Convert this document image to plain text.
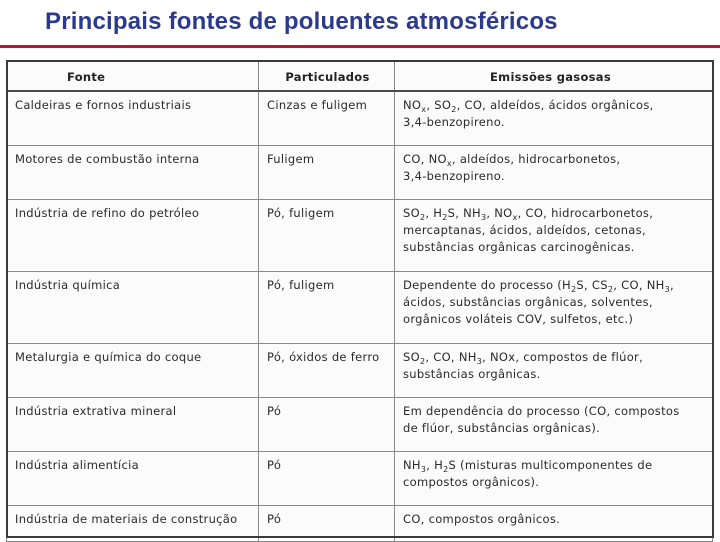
Principais fontes de poluentes atmosféricos
Fonte	Particulados	Emissões gasosas
Caldeiras e fornos industriais	Cinzas e fuligem	$NO_x$, $SO_2$, CO, aldeídos, ácidos orgânicos,
3,4-benzopireno.
Motores de combustão interna	Fuligem	CO, $NO_x$, aldeídos, hidrocarbonetos,
3,4-benzopireno.
Indústria de refino do petróleo	Pó, fuligem	$SO_2$, $H_2S$, $NH_3$, $NO_x$, CO, hidrocarbonetos,
mercaptanas, ácidos, aldeídos, cetonas,
substâncias orgânicas carcinogênicas.
Indústria química	Pó, fuligem	Dependente do processo ($H_2S$, $CS_2$, CO, $NH_3$,
ácidos, substâncias orgânicas, solventes,
orgânicos voláteis COV, sulfetos, etc.)
Metalurgia e química do coque	Pó, óxidos de ferro	$SO_2$, CO, $NH_3$, NOx, compostos de flúor,
substâncias orgânicas.
Indústria extrativa mineral	Pó	Em dependência do processo (CO, compostos
de flúor, substâncias orgânicas).
Indústria alimentícia	Pó	$NH_3$, $H_2S$ (misturas multicomponentes de
compostos orgânicos).
Indústria de materiais de construção	Pó	CO, compostos orgânicos.
